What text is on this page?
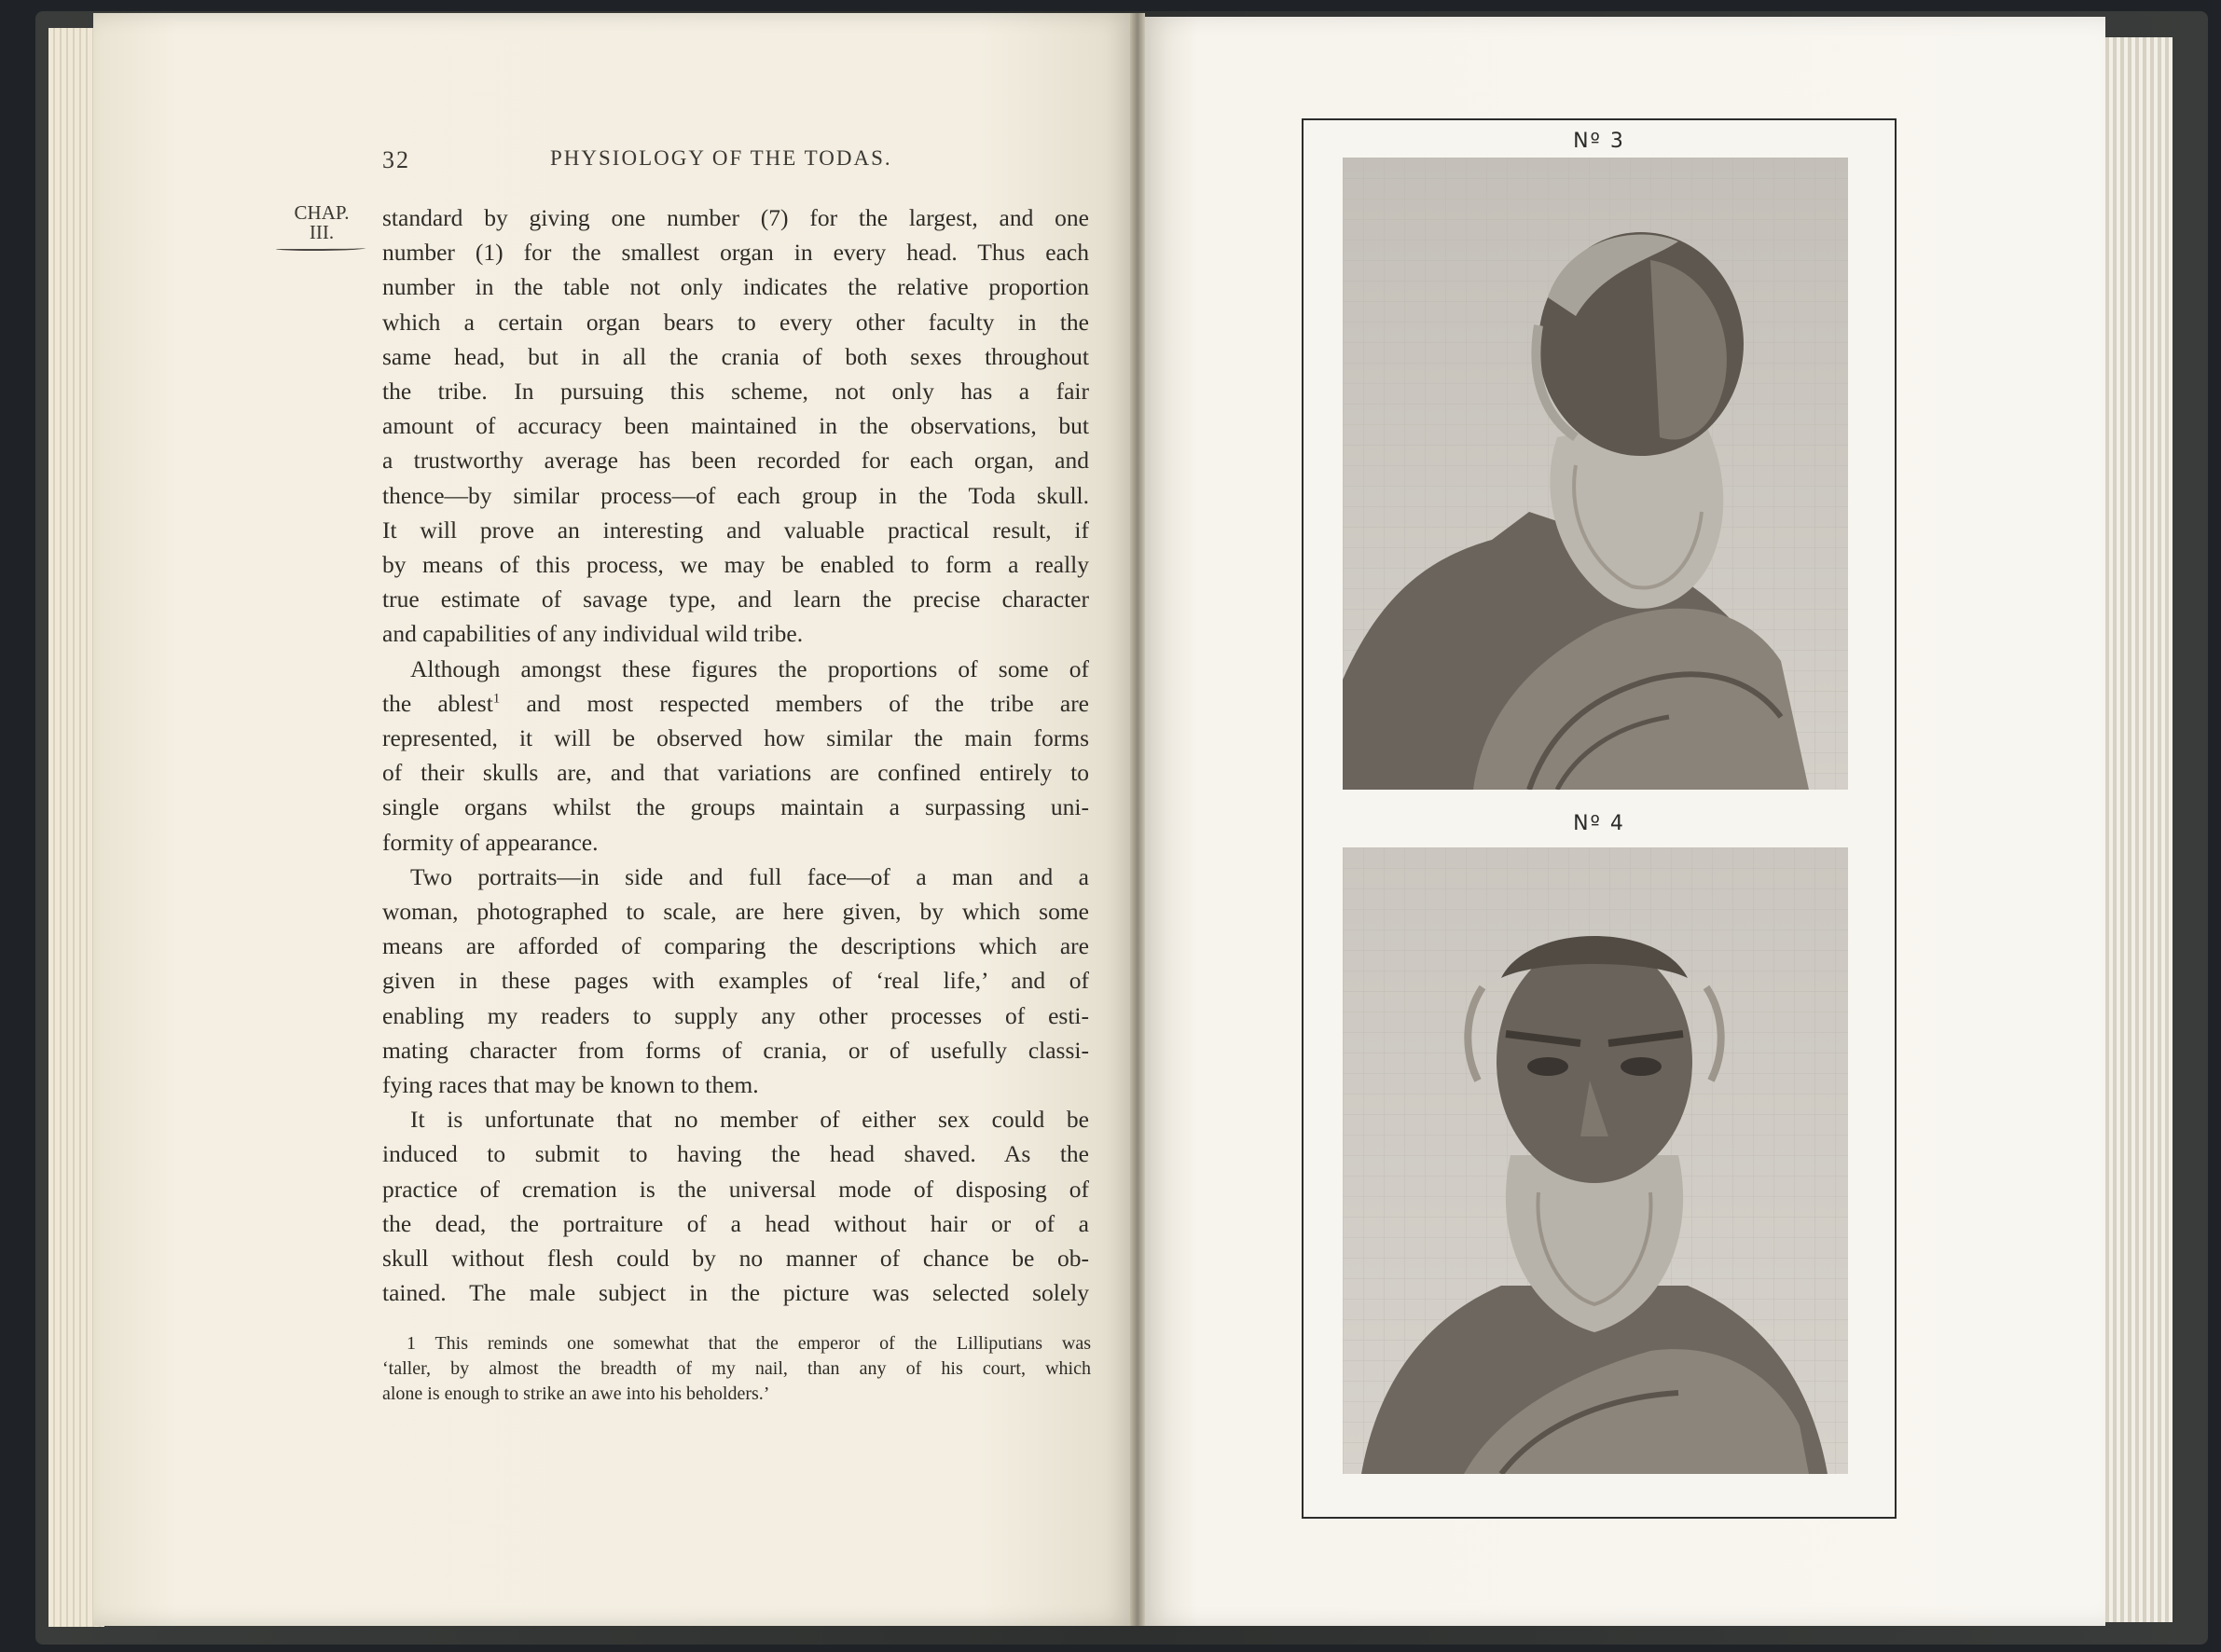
32	PHYSIOLOGY OF THE TODAS.
CHAP.
III.
standard by giving one number (7) for the largest, and one
number (1) for the smallest organ in every head. Thus each
number in the table not only indicates the relative proportion
which a certain organ bears to every other faculty in the
same head, but in all the crania of both sexes throughout
the tribe. In pursuing this scheme, not only has a fair
amount of accuracy been maintained in the observations, but
a trustworthy average has been recorded for each organ, and
thence—by similar process—of each group in the Toda skull.
It will prove an interesting and valuable practical result, if
by means of this process, we may be enabled to form a really
true estimate of savage type, and learn the precise character
and capabilities of any individual wild tribe.
Although amongst these figures the proportions of some of
the ablest$^1$ and most respected members of the tribe are
represented, it will be observed how similar the main forms
of their skulls are, and that variations are confined entirely to
single organs whilst the groups maintain a surpassing uni-
formity of appearance.
Two portraits—in side and full face—of a man and a
woman, photographed to scale, are here given, by which some
means are afforded of comparing the descriptions which are
given in these pages with examples of ‘real life,’ and of
enabling my readers to supply any other processes of esti-
mating character from forms of crania, or of usefully classi-
fying races that may be known to them.
It is unfortunate that no member of either sex could be
induced to submit to having the head shaved. As the
practice of cremation is the universal mode of disposing of
the dead, the portraiture of a head without hair or of a
skull without flesh could by no manner of chance be ob-
tained. The male subject in the picture was selected solely
1 This reminds one somewhat that the emperor of the Lilliputians was
‘taller, by almost the breadth of my nail, than any of his court, which
alone is enough to strike an awe into his beholders.’
Nº 3
Nº 4
